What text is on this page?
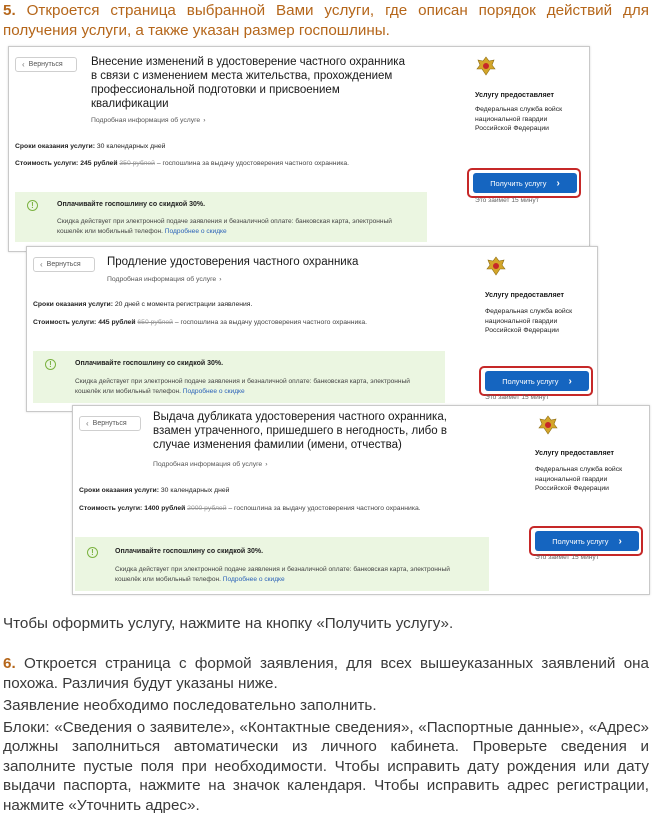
5. Откроется страница выбранной Вами услуги, где описан порядок действий для получения услуги, а также указан размер госпошлины.
‹ Вернуться Внесение изменений в удостоверение частного охранника в связи с изменением места жительства, прохождением профессиональной подготовки и присвоением квалификации
Подробная информация об услуге ›
Сроки оказания услуги: 30 календарных дней
Стоимость услуги: 245 рублей 350 рублей – госпошлина за выдачу удостоверения частного охранника.
!	Оплачивайте госпошлину со скидкой 30%.
Скидка действует при электронной подаче заявления и безналичной оплате: банковская карта, электронный кошелёк или мобильный телефон. Подробнее о скидке
Услугу предоставляет
Федеральная служба войск национальной гвардии Российской Федерации
Получить услугу ›
Это займет 15 минут
‹ Вернуться Продление удостоверения частного охранника
Подробная информация об услуге ›
Сроки оказания услуги: 20 дней с момента регистрации заявления.
Стоимость услуги: 445 рублей 650 рублей – госпошлина за выдачу удостоверения частного охранника.
!	Оплачивайте госпошлину со скидкой 30%.
Скидка действует при электронной подаче заявления и безналичной оплате: банковская карта, электронный кошелёк или мобильный телефон. Подробнее о скидке
Услугу предоставляет
Федеральная служба войск национальной гвардии Российской Федерации
Получить услугу ›
Это займет 15 минут
‹ Вернуться
Выдача дубликата удостоверения частного охранника, взамен утраченного, пришедшего в негодность, либо в случае изменения фамилии (имени, отчества)
Подробная информация об услуге ›
Сроки оказания услуги: 30 календарных дней
Стоимость услуги: 1400 рублей 2000 рублей – госпошлина за выдачу удостоверения частного охранника.
!	Оплачивайте госпошлину со скидкой 30%.
Скидка действует при электронной подаче заявления и безналичной оплате: банковская карта, электронный кошелёк или мобильный телефон. Подробнее о скидке
Услугу предоставляет
Федеральная служба войск национальной гвардии Российской Федерации
Получить услугу ›
Это займет 15 минут
Чтобы оформить услугу, нажмите на кнопку «Получить услугу».
6. Откроется страница с формой заявления, для всех вышеуказанных заявлений она похожа. Различия будут указаны ниже.
Заявление необходимо последовательно заполнить.
Блоки: «Сведения о заявителе», «Контактные сведения», «Паспортные данные», «Адрес» должны заполниться автоматически из личного кабинета. Проверьте сведения и заполните пустые поля при необходимости. Чтобы исправить дату рождения или дату выдачи паспорта, нажмите на значок календаря. Чтобы исправить адрес регистрации, нажмите «Уточнить адрес».
